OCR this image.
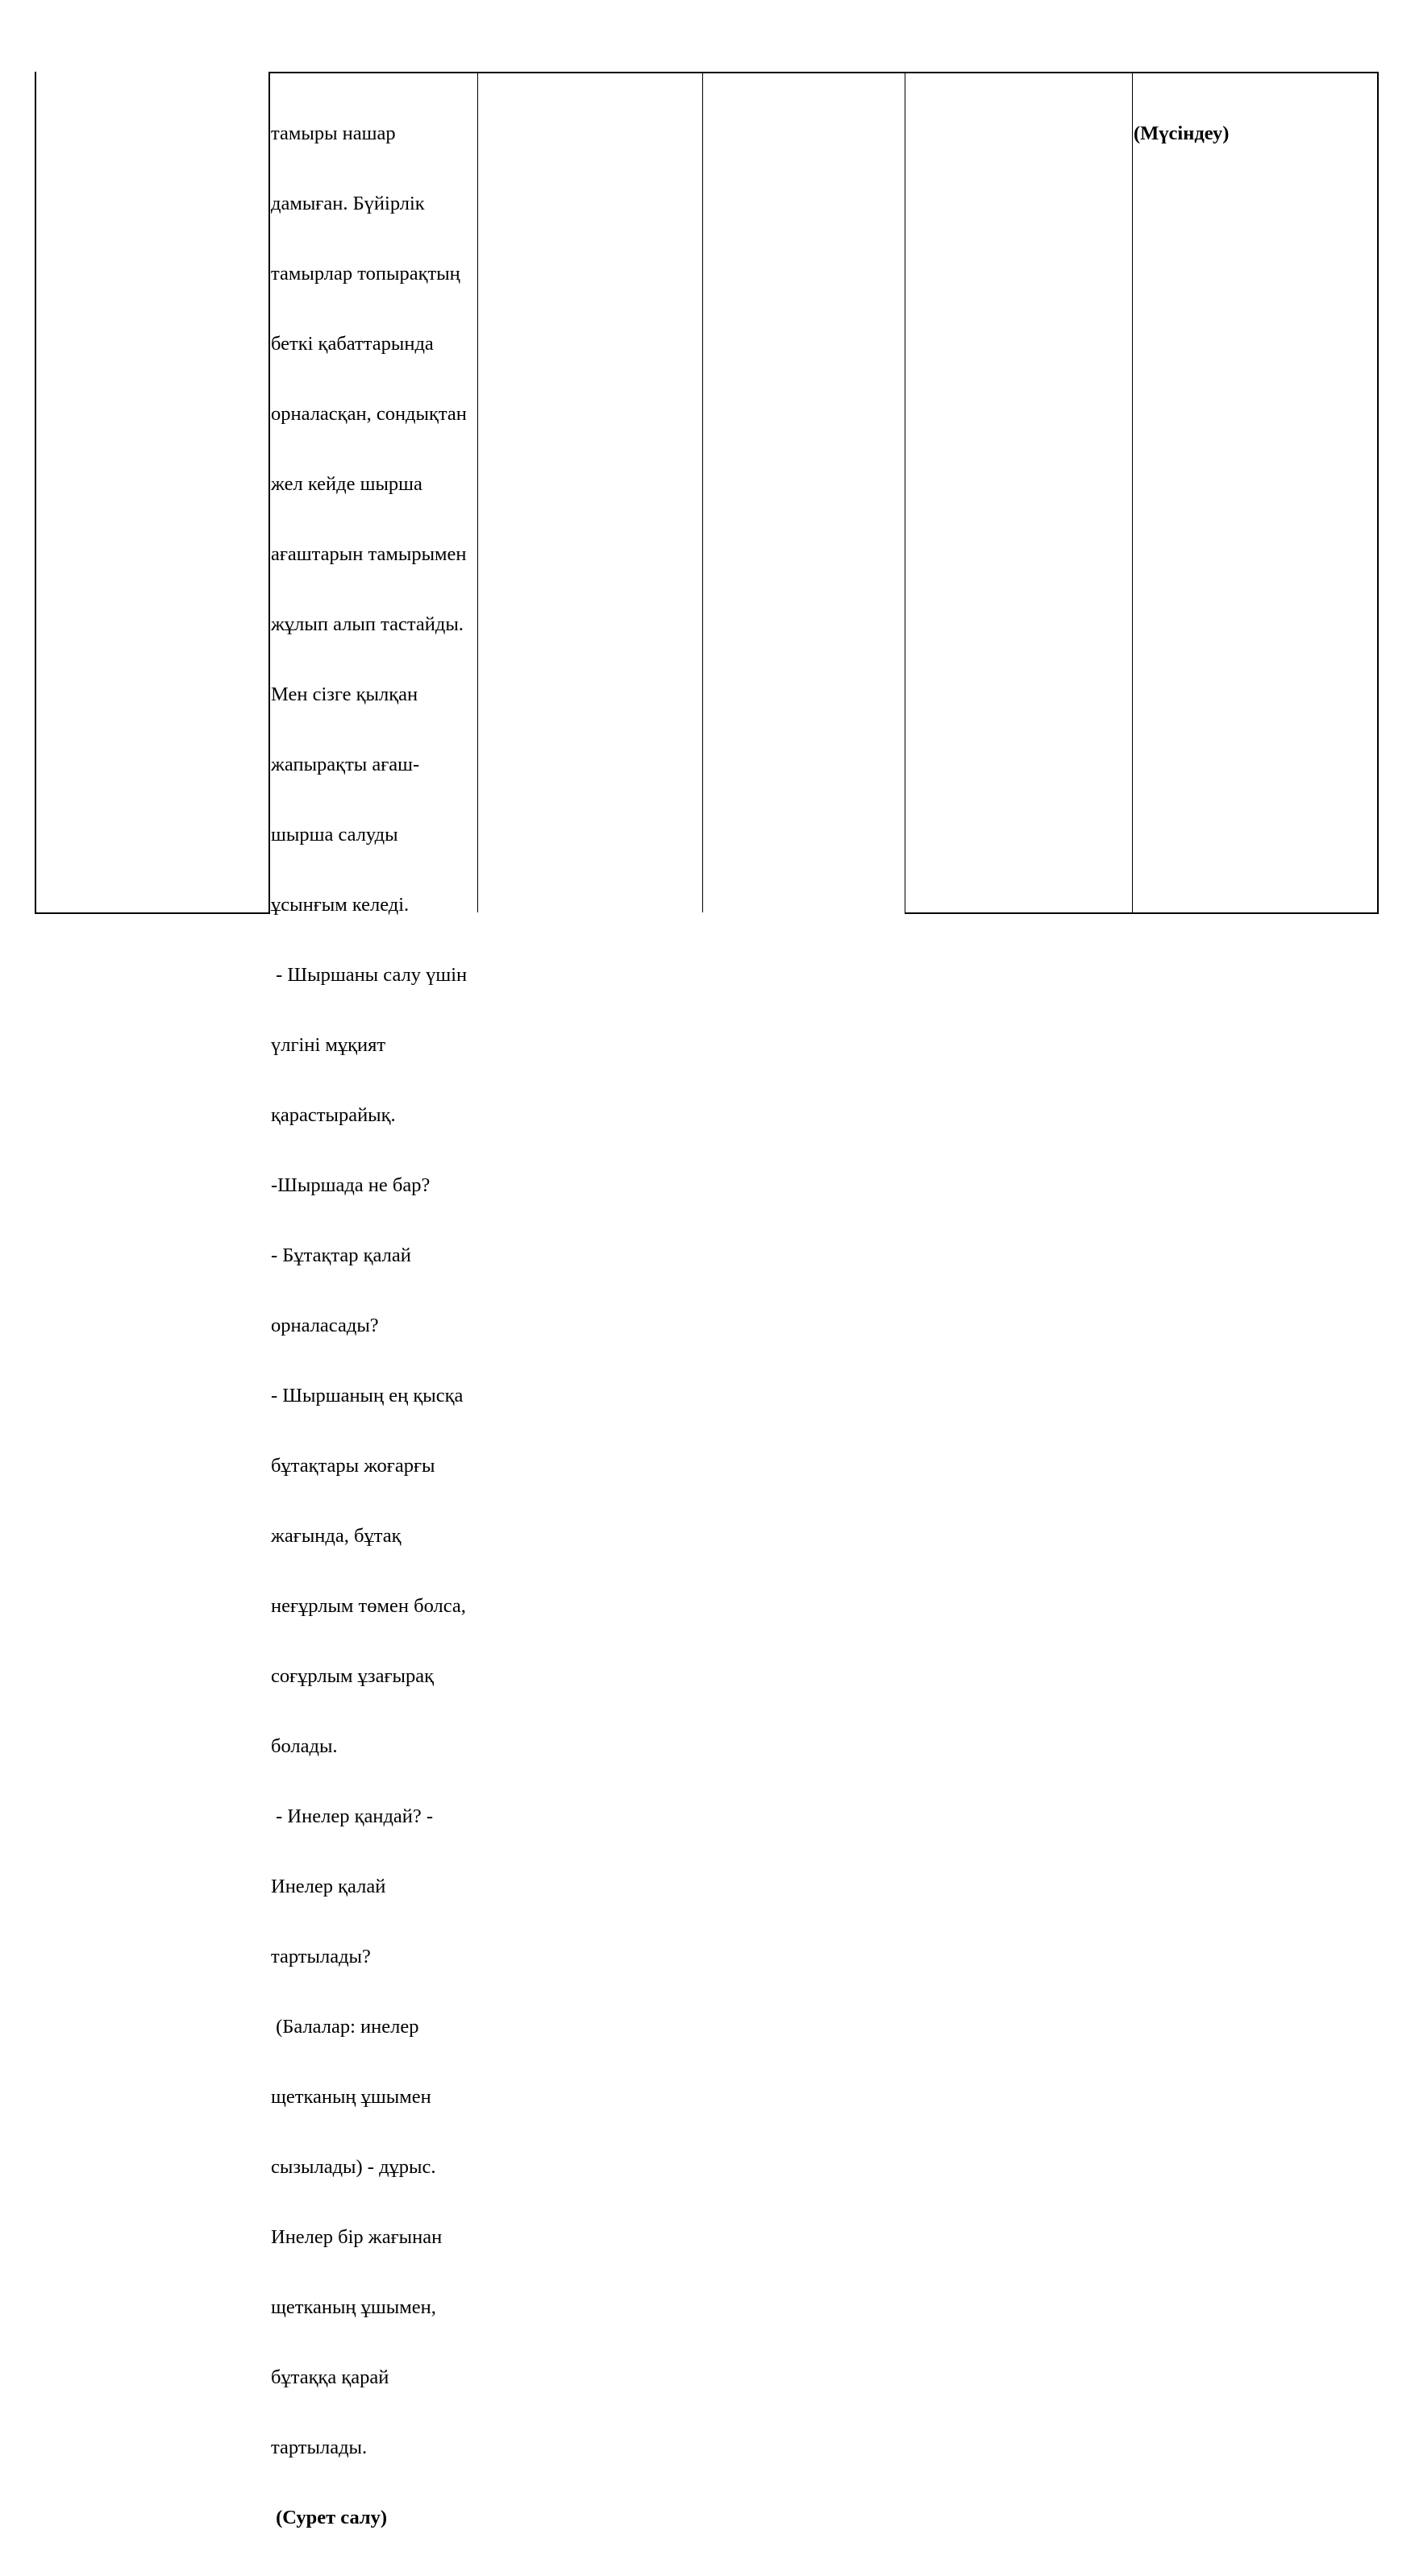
тамыры нашар

дамыған. Бүйірлік

тамырлар топырақтың

беткі қабаттарында

орналасқан, сондықтан

жел кейде шырша

ағаштарын тамырымен

жұлып алып тастайды.

Мен сізге қылқан

жапырақты ағаш-

шырша салуды

ұсынғым келеді.

- Шыршаны салу үшін

үлгіні мұқият

қарастырайық.

-Шыршада не бар?

- Бұтақтар қалай

орналасады?

- Шыршаның ең қысқа

бұтақтары жоғарғы

жағында, бұтақ

неғұрлым төмен болса,

соғұрлым ұзағырақ

болады.

- Инелер қандай? -

Инелер қалай

тартылады?

(Балалар: инелер

щетканың ұшымен

сызылады) - дұрыс.

Инелер бір жағынан

щетканың ұшымен,

бұтаққа қарай

тартылады.

(Сурет салу)

(Мүсіндеу)
